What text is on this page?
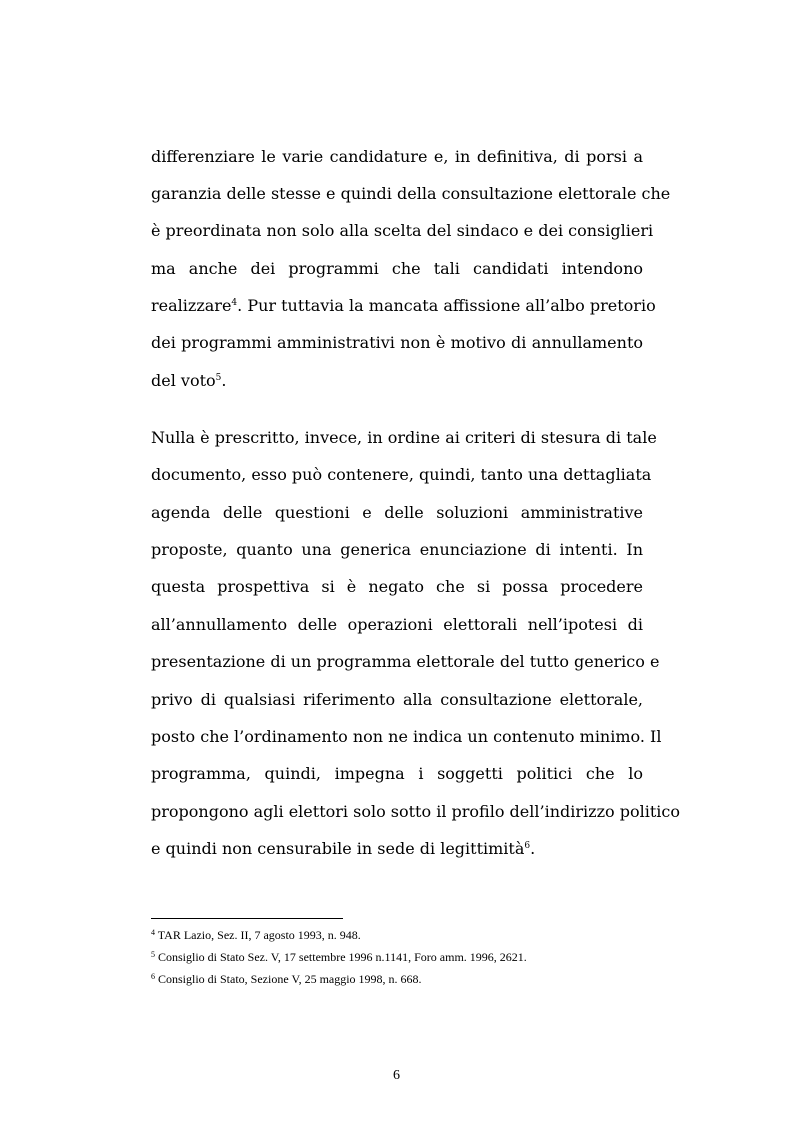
differenziare le varie candidature e, in definitiva, di porsi a
garanzia delle stesse e quindi della consultazione elettorale che
è preordinata non solo alla scelta del sindaco e dei consiglieri
ma anche dei programmi che tali candidati intendono
realizzare$^4$. Pur tuttavia la mancata affissione all’albo pretorio
dei programmi amministrativi non è motivo di annullamento
del voto$^5$.
Nulla è prescritto, invece, in ordine ai criteri di stesura di tale
documento, esso può contenere, quindi, tanto una dettagliata
agenda delle questioni e delle soluzioni amministrative
proposte, quanto una generica enunciazione di intenti. In
questa prospettiva si è negato che si possa procedere
all’annullamento delle operazioni elettorali nell’ipotesi di
presentazione di un programma elettorale del tutto generico e
privo di qualsiasi riferimento alla consultazione elettorale,
posto che l’ordinamento non ne indica un contenuto minimo. Il
programma, quindi, impegna i soggetti politici che lo
propongono agli elettori solo sotto il profilo dell’indirizzo politico
e quindi non censurabile in sede di legittimità$^6$.
$^4$ TAR Lazio, Sez. II, 7 agosto 1993, n. 948.
$^5$ Consiglio di Stato Sez. V, 17 settembre 1996 n.1141, Foro amm. 1996, 2621.
$^6$ Consiglio di Stato, Sezione V, 25 maggio 1998, n. 668.
6
